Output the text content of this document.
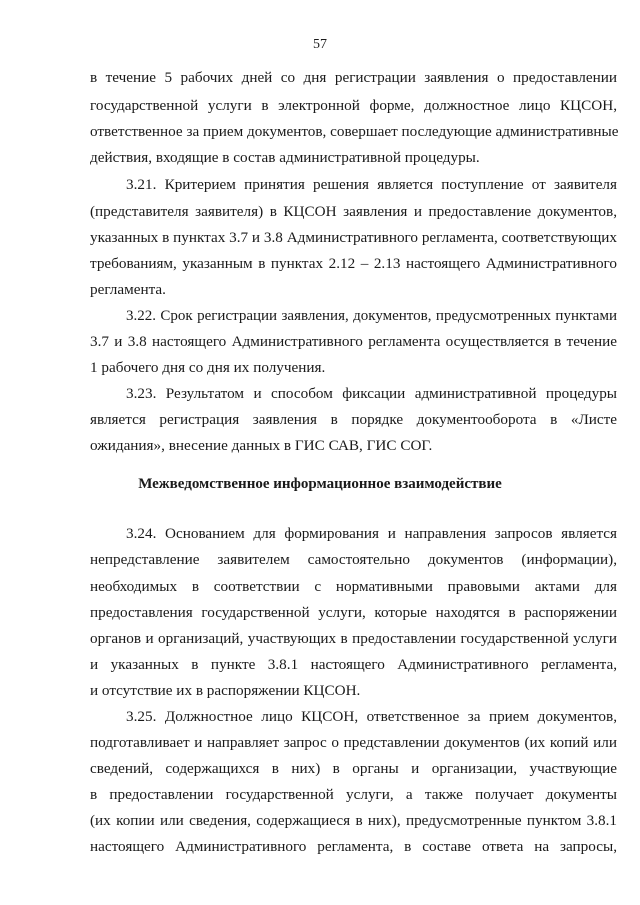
57
в течение 5 рабочих дней со дня регистрации заявления о предоставлении
государственной услуги в электронной форме, должностное лицо КЦСОН,
ответственное за прием документов, совершает последующие административные
действия, входящие в состав административной процедуры.
3.21. Критерием принятия решения является поступление от заявителя
(представителя заявителя) в КЦСОН заявления и предоставление документов,
указанных в пунктах 3.7 и 3.8 Административного регламента, соответствующих
требованиям, указанным в пунктах 2.12 – 2.13 настоящего Административного
регламента.
3.22. Срок регистрации заявления, документов, предусмотренных пунктами
3.7 и 3.8 настоящего Административного регламента осуществляется в течение
1 рабочего дня со дня их получения.
3.23. Результатом и способом фиксации административной процедуры
является регистрация заявления в порядке документооборота в «Листе
ожидания», внесение данных в ГИС САВ, ГИС СОГ.
Межведомственное информационное взаимодействие
3.24. Основанием для формирования и направления запросов является
непредставление заявителем самостоятельно документов (информации),
необходимых в соответствии с нормативными правовыми актами для
предоставления государственной услуги, которые находятся в распоряжении
органов и организаций, участвующих в предоставлении государственной услуги
и указанных в пункте 3.8.1 настоящего Административного регламента,
и отсутствие их в распоряжении КЦСОН.
3.25. Должностное лицо КЦСОН, ответственное за прием документов,
подготавливает и направляет запрос о представлении документов (их копий или
сведений, содержащихся в них) в органы и организации, участвующие
в предоставлении государственной услуги, а также получает документы
(их копии или сведения, содержащиеся в них), предусмотренные пунктом 3.8.1
настоящего Административного регламента, в составе ответа на запросы,
